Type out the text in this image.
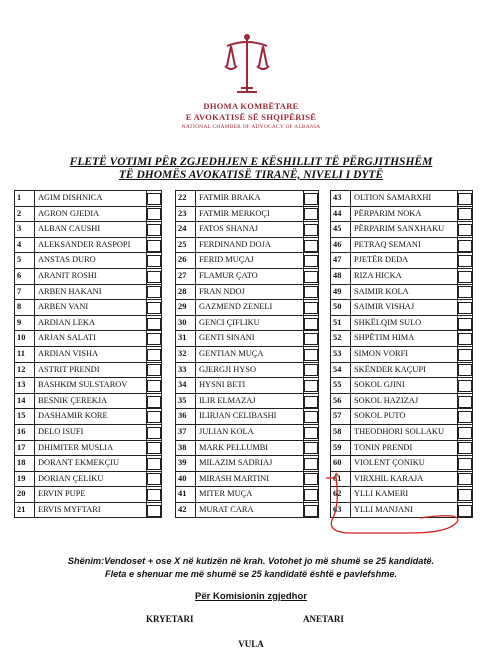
DHOMA KOMBËTARE
E AVOKATISË SË SHQIPËRISË
NATIONAL CHAMBER OF ADVOCACY OF ALBANIA
FLETË VOTIMI PËR ZGJEDHJEN E KËSHILLIT TË PËRGJITHSHËM
TË DHOMËS AVOKATISË TIRANË, NIVELI I DYTË
1	AGIM DISHNICA	

2	AGRON GJEDIA	

3	ALBAN CAUSHI	

4	ALEKSANDER RASPOPI	

5	ANSTAS DURO	

6	ARANIT ROSHI	

7	ARBEN HAKANI	

8	ARBEN VANI	

9	ARDIAN LEKA	

10	ARJAN SALATI	

11	ARDIAN VISHA	

12	ASTRIT PRENDI	

13	BASHKIM SULSTAROV	

14	BESNIK ÇEREKJA	

15	DASHAMIR KORE	

16	DELO ISUFI	

17	DHIMITER MUSLIA	

18	DORANT EKMEKÇIU	

19	DORIAN ÇELIKU	

20	ERVIN PUPE	

21	ERVIS MYFTARI	
22	FATMIR BRAKA	

23	FATMIR MERKOÇI	

24	FATOS SHANAJ	

25	FERDINAND DOJA	

26	FERID MUÇAJ	

27	FLAMUR ÇATO	

28	FRAN NDOJ	

29	GAZMEND ZENELI	

30	GENCI ÇIFLIKU	

31	GENTI SINANI	

32	GENTIAN MUÇA	

33	GJERGJI HYSO	

34	HYSNI BETI	

35	ILIR ELMAZAJ	

36	ILIRJAN CELIBASHI	

37	JULIAN KOLA	

38	MARK PELLUMBI	

39	MILAZIM SADRIAJ	

40	MIRASH MARTINI	

41	MITER MUÇA	

42	MURAT CARA	
43	OLTION SAMARXHI	

44	PËRPARIM NOKA	

45	PËRPARIM SANXHAKU	

46	PETRAQ SEMANI	

47	PJETËR DEDA	

48	RIZA HICKA	

49	SAIMIR KOLA	

50	SAIMIR VISHAJ	

51	SHKËLQIM SULO	

52	SHPËTIM HIMA	

53	SIMON VORFI	

54	SKËNDER KAÇUPI	

55	SOKOL GJINI	

56	SOKOL HAZIZAJ	

57	SOKOL PUTO	

58	THEODHORI SOLLAKU	

59	TONIN PRENDI	

60	VIOLENT ÇONIKU	

61	VIRXHIL KARAJA	

62	YLLI KAMERI	

63	YLLI MANJANI	
Shënim:Vendoset + ose X në kutizën në krah. Votohet jo më shumë se 25 kandidatë.
Fleta e shenuar me më shumë se 25 kandidatë është e pavlefshme.
Për Komisionin zgjedhor
KRYETARI	ANETARI
VULA
